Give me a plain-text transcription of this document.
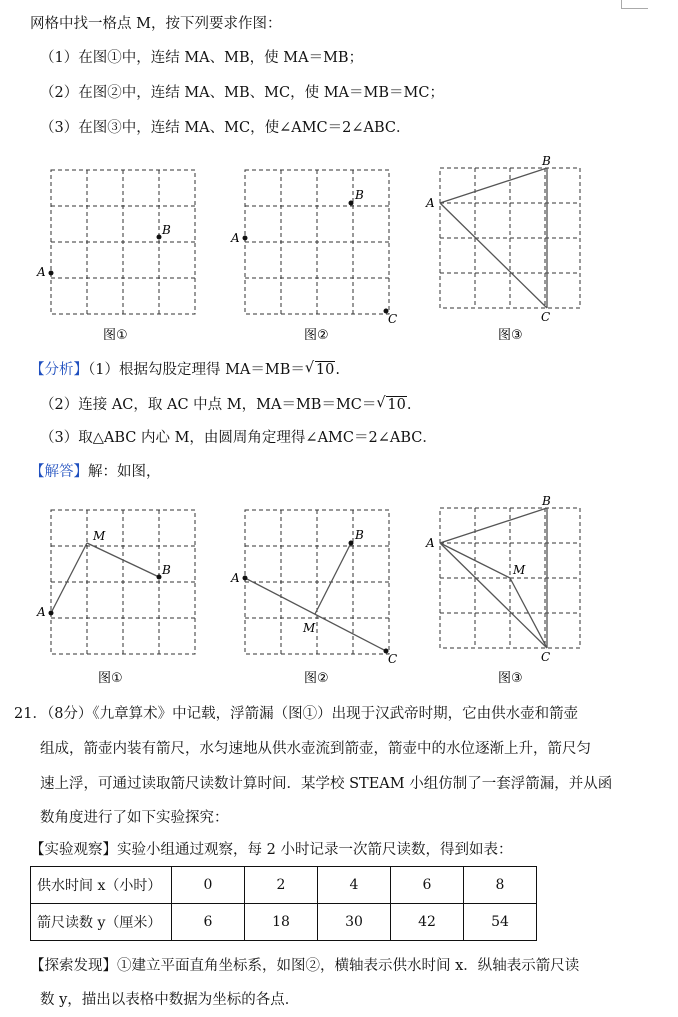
网格中找一格点 M，按下列要求作图：
（1）在图①中，连结 MA、MB，使 MA＝MB；
（2）在图②中，连结 MA、MB、MC，使 MA＝MB＝MC；
（3）在图③中，连结 MA、MC，使∠AMC＝2∠ABC．
A
B
图①
A
B
C
图②
A
B
C
图③
【分析】（1）根据勾股定理得 MA＝MB＝ √ 10.
（2）连接 AC，取 AC 中点 M，MA＝MB＝MC＝ √ 10.
（3）取△ABC 内心 M，由圆周角定理得∠AMC＝2∠ABC．
【解答】解：如图，
A
M
B
图①
A
B
M
C
图②
A
B
M
C
图③
21．（8分）《九章算术》中记载，浮箭漏（图①）出现于汉武帝时期，它由供水壶和箭壶
组成，箭壶内装有箭尺，水匀速地从供水壶流到箭壶，箭壶中的水位逐渐上升，箭尺匀
速上浮，可通过读取箭尺读数计算时间．某学校 STEAM 小组仿制了一套浮箭漏，并从函
数角度进行了如下实验探究：
【实验观察】实验小组通过观察，每 2 小时记录一次箭尺读数，得到如表：
供水时间 x（小时）	0	2	4	6	8
箭尺读数 y（厘米）	6	18	30	42	54
【探索发现】①建立平面直角坐标系，如图②，横轴表示供水时间 x．纵轴表示箭尺读
数 y，描出以表格中数据为坐标的各点．
